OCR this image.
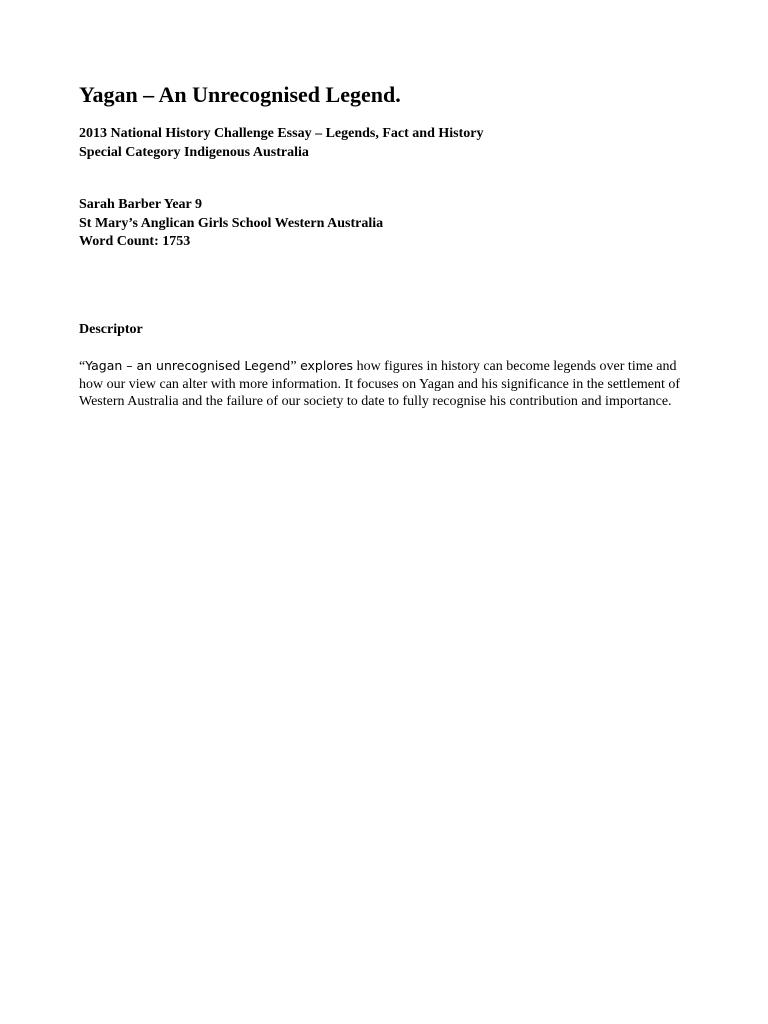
Yagan – An Unrecognised Legend.

2013 National History Challenge Essay – Legends, Fact and History

Special Category Indigenous Australia

Sarah Barber Year 9

St Mary’s Anglican Girls School Western Australia

Word Count: 1753

Descriptor

“Yagan – an unrecognised Legend” explores how figures in history can become legends over time and how our view can alter with more information. It focuses on Yagan and his significance in the settlement of Western Australia and the failure of our society to date to fully recognise his contribution and importance.
